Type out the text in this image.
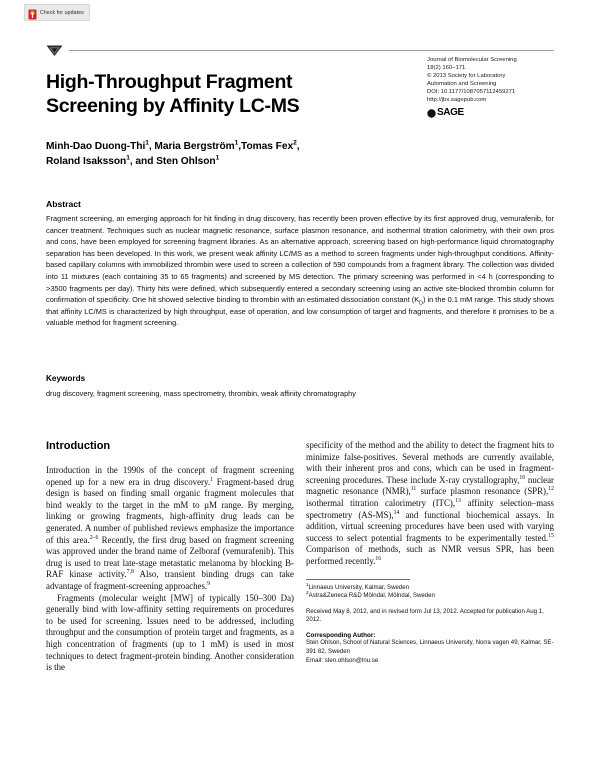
Check for updates
High-Throughput Fragment Screening by Affinity LC-MS
Journal of Biomolecular Screening
18(2) 160–171
© 2013 Society for Laboratory
Automation and Screening
DOI: 10.1177/1087057112459271
http://jbx.sagepub.com
SAGE
Minh-Dao Duong-Thi$^1$, Maria Bergström$^1$,Tomas Fex$^2$,
Roland Isaksson$^1$, and Sten Ohlson$^1$
Abstract
Fragment screening, an emerging approach for hit finding in drug discovery, has recently been proven effective by its first approved drug, vemurafenib, for cancer treatment. Techniques such as nuclear magnetic resonance, surface plasmon resonance, and isothermal titration calorimetry, with their own pros and cons, have been employed for screening fragment libraries. As an alternative approach, screening based on high-performance liquid chromatography separation has been developed. In this work, we present weak affinity LC/MS as a method to screen fragments under high-throughput conditions. Affinity-based capillary columns with immobilized thrombin were used to screen a collection of 590 compounds from a fragment library. The collection was divided into 11 mixtures (each containing 35 to 65 fragments) and screened by MS detection. The primary screening was performed in <4 h (corresponding to >3500 fragments per day). Thirty hits were defined, which subsequently entered a secondary screening using an active site-blocked thrombin column for confirmation of specificity. One hit showed selective binding to thrombin with an estimated dissociation constant $(K_D)$ in the 0.1 mM range. This study shows that affinity LC/MS is characterized by high throughput, ease of operation, and low consumption of target and fragments, and therefore it promises to be a valuable method for fragment screening.
Keywords
drug discovery, fragment screening, mass spectrometry, thrombin, weak affinity chromatography
Introduction

Introduction in the 1990s of the concept of fragment screening opened up for a new era in drug discovery.$^1$ Fragment-based drug design is based on finding small organic fragment molecules that bind weakly to the target in the mM to µM range. By merging, linking or growing fragments, high-affinity drug leads can be generated. A number of published reviews emphasize the importance of this area.$^{2-6}$ Recently, the first drug based on fragment screening was approved under the brand name of Zelboraf (vemurafenib). This drug is used to treat late-stage metastatic melanoma by blocking B-RAF kinase activity.$^{7,8}$ Also, transient binding drugs can take advantage of fragment-screening approaches.$^9$

Fragments (molecular weight [MW] of typically 150–300 Da) generally bind with low-affinity setting requirements on procedures to be used for screening. Issues need to be addressed, including throughput and the consumption of protein target and fragments, as a high concentration of fragments (up to 1 mM) is used in most techniques to detect fragment-protein binding. Another consideration is the

specificity of the method and the ability to detect the fragment hits to minimize false-positives. Several methods are currently available, with their inherent pros and cons, which can be used in fragment-screening procedures. These include X-ray crystallography,$^{10}$ nuclear magnetic resonance (NMR),$^{11}$ surface plasmon resonance (SPR),$^{12}$ isothermal titration calorimetry (ITC),$^{13}$ affinity selection–mass spectrometry (AS-MS),$^{14}$ and functional biochemical assays. In addition, virtual screening procedures have been used with varying success to select potential fragments to be experimentally tested.$^{15}$ Comparison of methods, such as NMR versus SPR, has been performed recently.$^{16}$

$^1$Linnaeus University, Kalmar, Sweden
$^2$Astra&Zeneca R&D Mölndal, Mölndal, Sweden
Received May 8, 2012, and in revised form Jul 13, 2012. Accepted for publication Aug 1, 2012.
Corresponding Author:
Sten Ohlson, School of Natural Sciences, Linnaeus University, Norra vagen 49, Kalmar, SE-391 82, Sweden
Email: sten.ohlson@lnu.se
